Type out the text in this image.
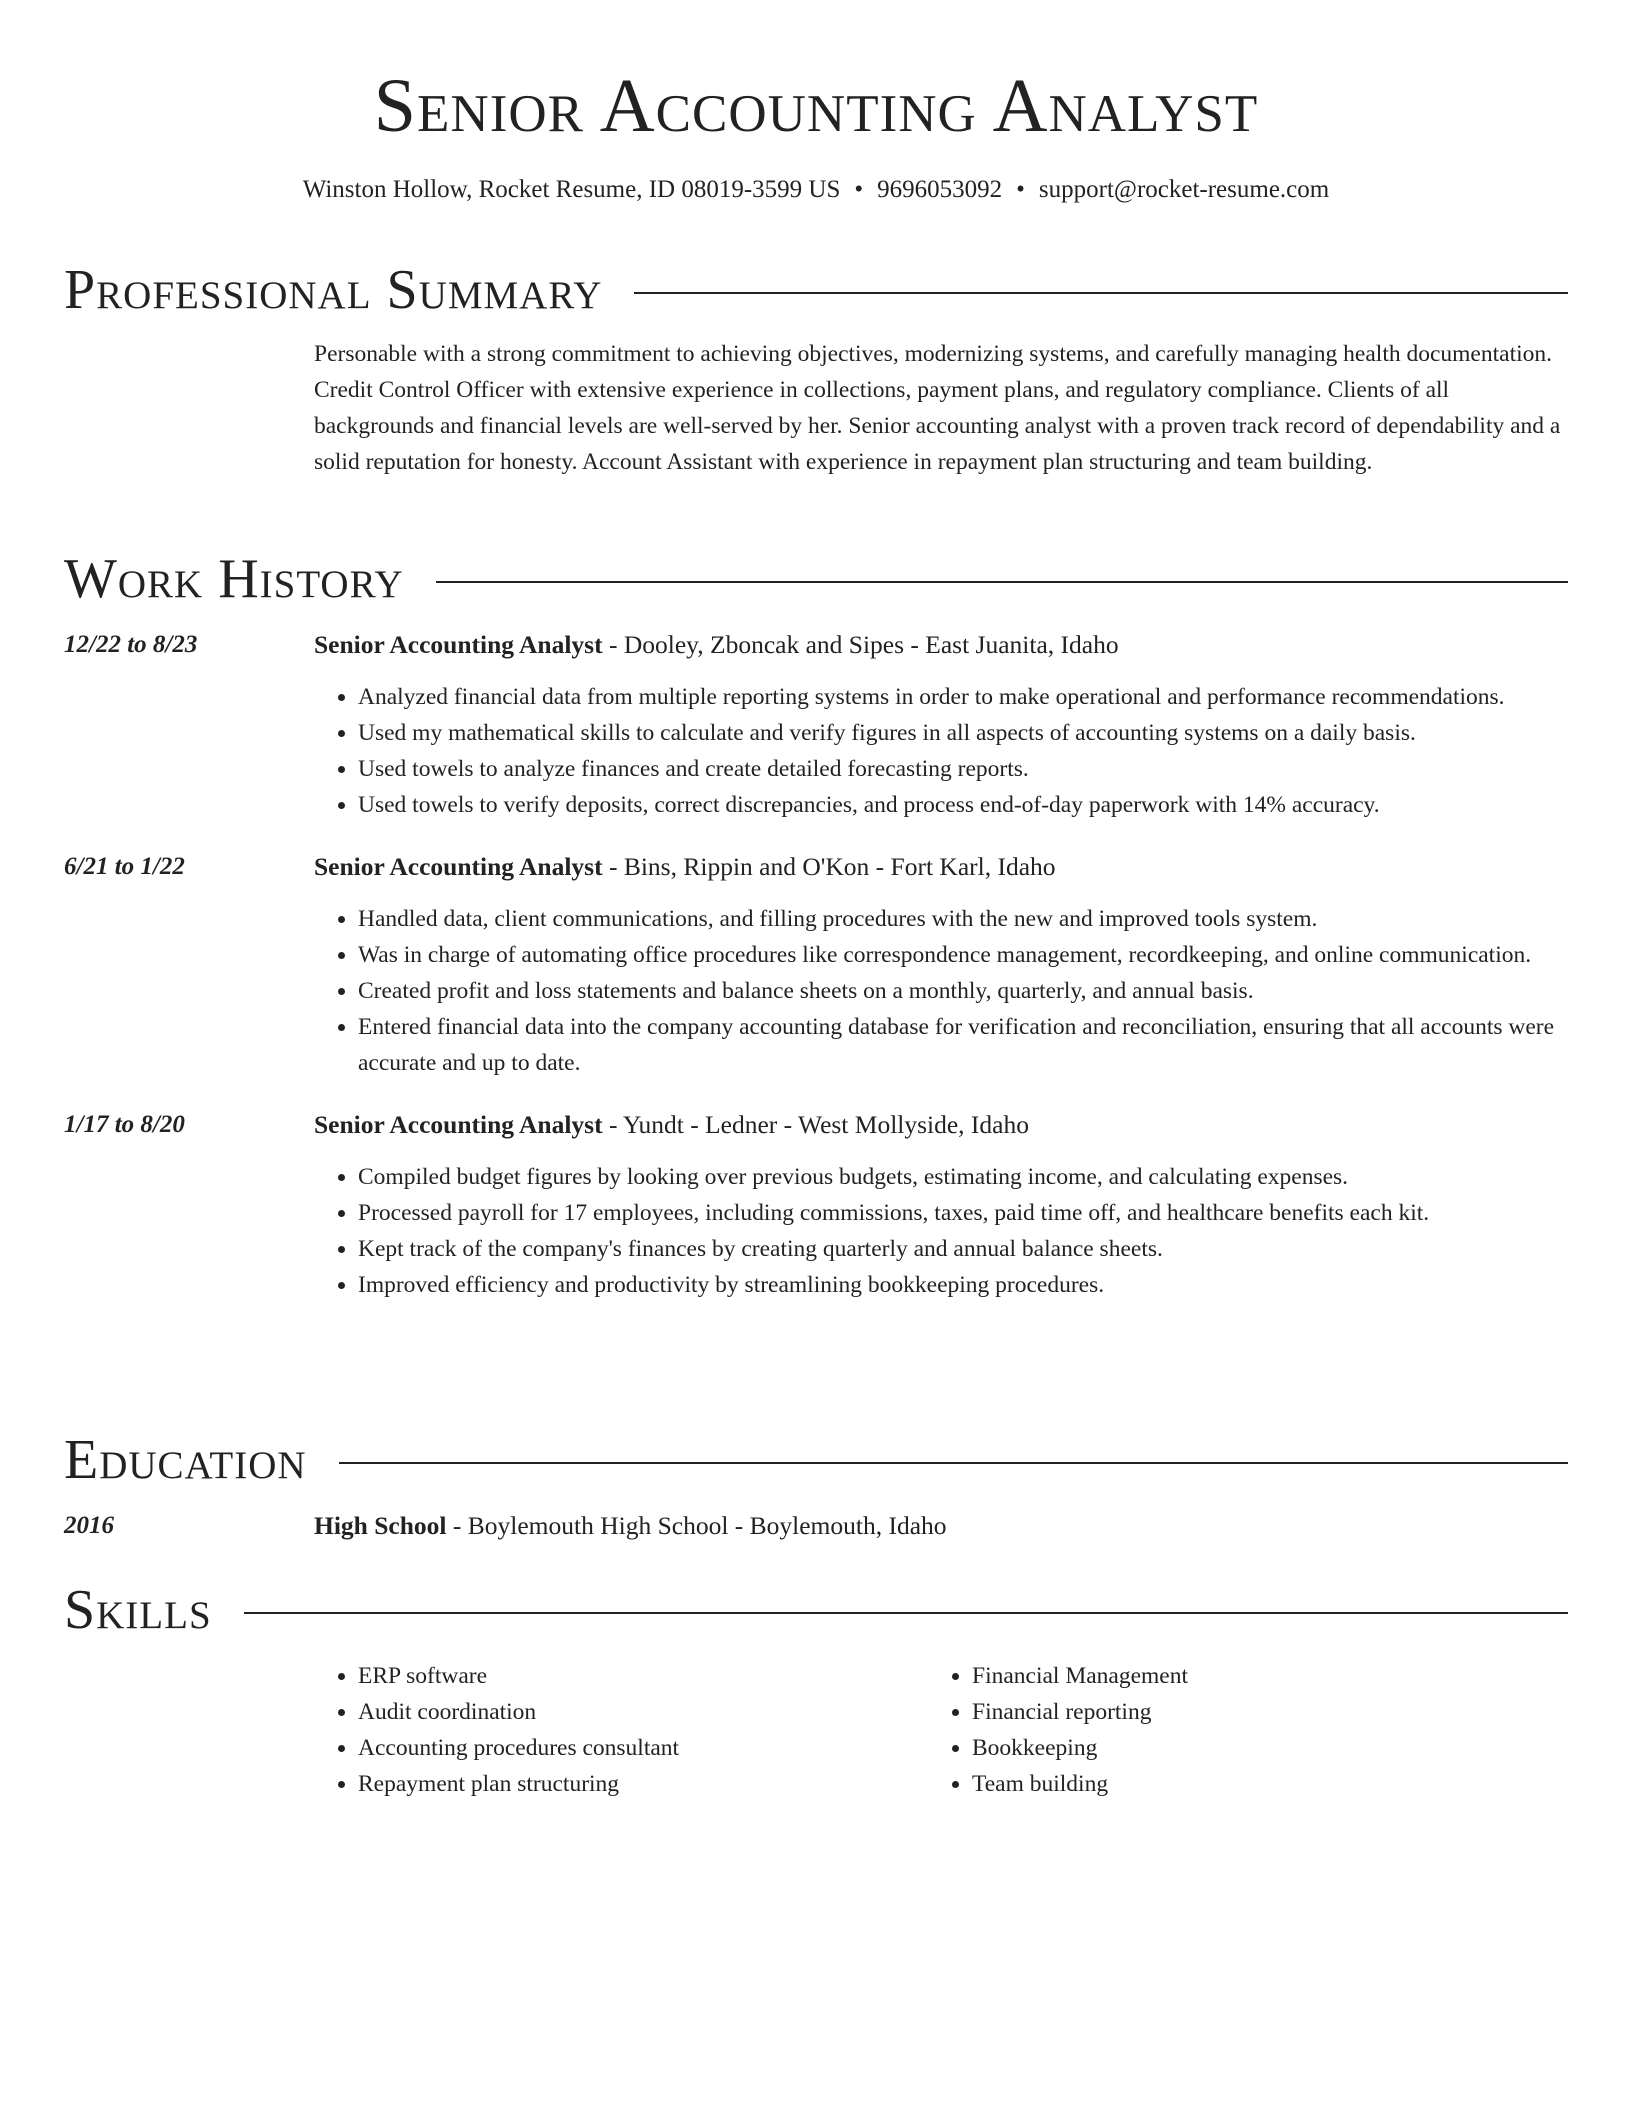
Senior Accounting Analyst
Winston Hollow, Rocket Resume, ID 08019-3599 US • 9696053092 • support@rocket-resume.com
Professional Summary

Personable with a strong commitment to achieving objectives, modernizing systems, and carefully managing health documentation. Credit Control Officer with extensive experience in collections, payment plans, and regulatory compliance. Clients of all backgrounds and financial levels are well-served by her. Senior accounting analyst with a proven track record of dependability and a solid reputation for honesty. Account Assistant with experience in repayment plan structuring and team building.

Work History
12/22 to 8/23	Senior Accounting Analyst - Dooley, Zboncak and Sipes - East Juanita, Idaho
• Analyzed financial data from multiple reporting systems in order to make operational and performance recommendations.
• Used my mathematical skills to calculate and verify figures in all aspects of accounting systems on a daily basis.
• Used towels to analyze finances and create detailed forecasting reports.
• Used towels to verify deposits, correct discrepancies, and process end-of-day paperwork with 14% accuracy.
6/21 to 1/22	Senior Accounting Analyst - Bins, Rippin and O'Kon - Fort Karl, Idaho
• Handled data, client communications, and filling procedures with the new and improved tools system.
• Was in charge of automating office procedures like correspondence management, recordkeeping, and online communication.
• Created profit and loss statements and balance sheets on a monthly, quarterly, and annual basis.
• Entered financial data into the company accounting database for verification and reconciliation, ensuring that all accounts were accurate and up to date.
1/17 to 8/20	Senior Accounting Analyst - Yundt - Ledner - West Mollyside, Idaho
• Compiled budget figures by looking over previous budgets, estimating income, and calculating expenses.
• Processed payroll for 17 employees, including commissions, taxes, paid time off, and healthcare benefits each kit.
• Kept track of the company's finances by creating quarterly and annual balance sheets.
• Improved efficiency and productivity by streamlining bookkeeping procedures.
Education
2016	High School - Boylemouth High School - Boylemouth, Idaho
Skills
• ERP software
• Audit coordination
• Accounting procedures consultant
• Repayment plan structuring
• Financial Management
• Financial reporting
• Bookkeeping
• Team building
